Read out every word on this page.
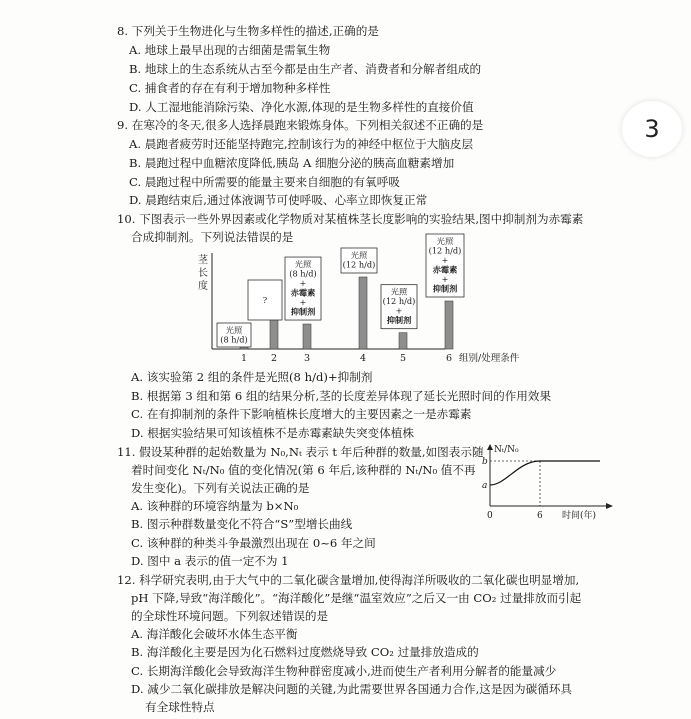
3
8. 下列关于生物进化与生物多样性的描述,正确的是
A. 地球上最早出现的古细菌是需氧生物
B. 地球上的生态系统从古至今都是由生产者、消费者和分解者组成的
C. 捕食者的存在有利于增加物种多样性
D. 人工湿地能消除污染、净化水源,体现的是生物多样性的直接价值
9. 在寒冷的冬天,很多人选择晨跑来锻炼身体。下列相关叙述不正确的是
A. 晨跑者疲劳时还能坚持跑完,控制该行为的神经中枢位于大脑皮层
B. 晨跑过程中血糖浓度降低,胰岛 A 细胞分泌的胰高血糖素增加
C. 晨跑过程中所需要的能量主要来自细胞的有氧呼吸
D. 晨跑结束后,通过体液调节可使呼吸、心率立即恢复正常
10. 下图表示一些外界因素或化学物质对某植株茎长度影响的实验结果,图中抑制剂为赤霉素
合成抑制剂。下列说法错误的是
茎
长
度
光照
(8 h/d)
?
光照
(8 h/d)
+
赤霉素
+
抑制剂
光照
(12 h/d)
光照
(12 h/d)
+
抑制剂
光照
(12 h/d)
+
赤霉素
+
抑制剂
1	2	3	4	5	6 组别/处理条件
A. 该实验第 2 组的条件是光照(8 h/d)+抑制剂
B. 根据第 3 组和第 6 组的结果分析,茎的长度差异体现了延长光照时间的作用效果
C. 在有抑制剂的条件下影响植株长度增大的主要因素之一是赤霉素
D. 根据实验结果可知该植株不是赤霉素缺失突变体植株
11. 假设某种群的起始数量为 N₀,Nₜ 表示 t 年后种群的数量,如图表示随
着时间变化 Nₜ/N₀ 值的变化情况(第 6 年后,该种群的 Nₜ/N₀ 值不再
发生变化)。下列有关说法正确的是
A. 该种群的环境容纳量为 b×N₀
B. 图示种群数量变化不符合“S”型增长曲线
C. 该种群的种类斗争最激烈出现在 0~6 年之间
D. 图中 a 表示的值一定不为 1
Nₜ/N₀
b
a
0	6 时间(年)
12. 科学研究表明,由于大气中的二氧化碳含量增加,使得海洋所吸收的二氧化碳也明显增加,
pH 下降,导致“海洋酸化”。“海洋酸化”是继“温室效应”之后又一由 CO₂ 过量排放而引起
的全球性环境问题。下列叙述错误的是
A. 海洋酸化会破坏水体生态平衡
B. 海洋酸化主要是因为化石燃料过度燃烧导致 CO₂ 过量排放造成的
C. 长期海洋酸化会导致海洋生物种群密度减小,进而使生产者利用分解者的能量减少
D. 减少二氧化碳排放是解决问题的关键,为此需要世界各国通力合作,这是因为碳循环具
有全球性特点
